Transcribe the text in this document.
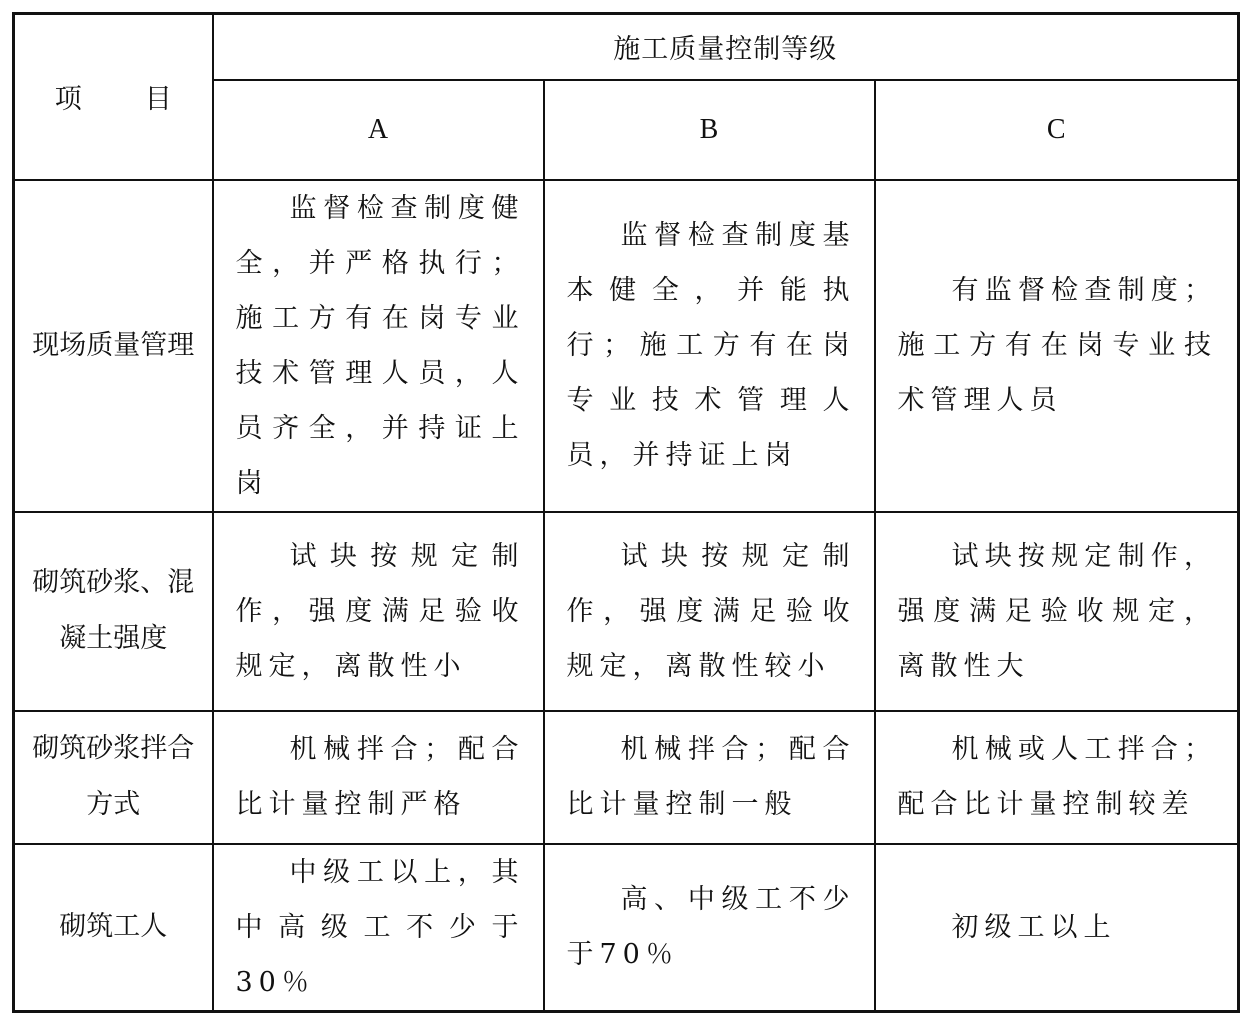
项　目	施工质量控制等级		
	A	B	C
现场质量管理	监督检查制度健全，并严格执行；施工方有在岗专业技术管理人员，人员齐全，并持证上岗	监督检查制度基本健全，并能执行；施工方有在岗专业技术管理人员，并持证上岗	有监督检查制度；施工方有在岗专业技术管理人员
砌筑砂浆、混凝土强度	试块按规定制作，强度满足验收规定，离散性小	试块按规定制作，强度满足验收规定，离散性较小	试块按规定制作，强度满足验收规定，离散性大
砌筑砂浆拌合方式	机械拌合；配合比计量控制严格	机械拌合；配合比计量控制一般	机械或人工拌合；配合比计量控制较差
砌筑工人	中级工以上，其中高级工不少于30％	高、中级工不少于70％	初级工以上
